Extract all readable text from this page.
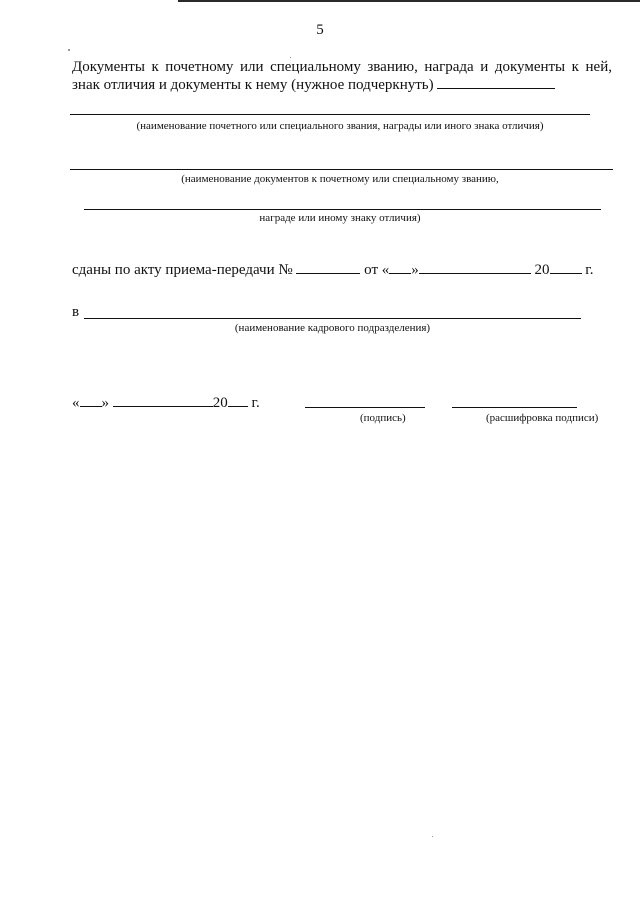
5
Документы к почетному или специальному званию, награда и документы к ней, знак отличия и документы к нему (нужное подчеркнуть)
(наименование почетного или специального звания, награды или иного знака отличия)
(наименование документов к почетному или специальному званию,
награде или иному знаку отличия)
сданы по акту приема-передачи №	от « »	20 г.
в
(наименование кадрового подразделения)
« »	20 г.
(подпись)	(расшифровка подписи)
